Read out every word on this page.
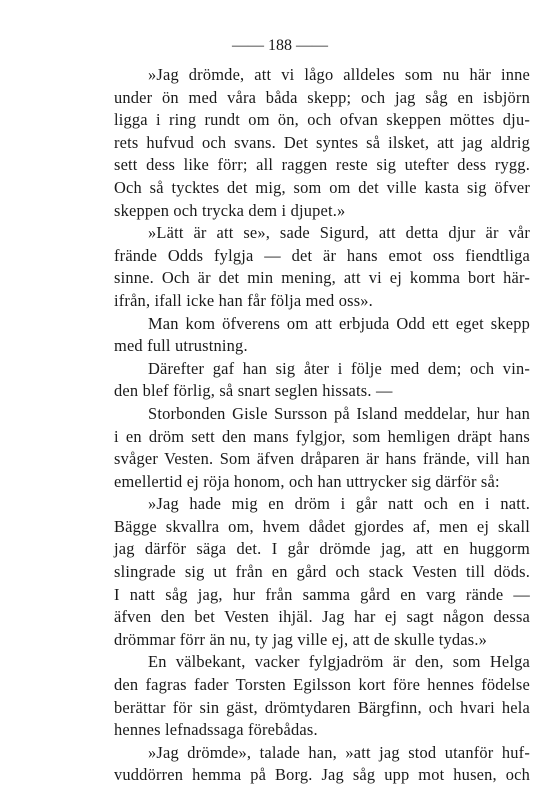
—— 188 ——
»Jag drömde, att vi lågo alldeles som nu här inne
under ön med våra båda skepp; och jag såg en isbjörn
ligga i ring rundt om ön, och ofvan skeppen möttes dju-
rets hufvud och svans. Det syntes så ilsket, att jag aldrig
sett dess like förr; all raggen reste sig utefter dess rygg.
Och så tycktes det mig, som om det ville kasta sig öfver
skeppen och trycka dem i djupet.»
»Lätt är att se», sade Sigurd, att detta djur är vår
frände Odds fylgja — det är hans emot oss fiendtliga
sinne. Och är det min mening, att vi ej komma bort här-
ifrån, ifall icke han får följa med oss».
Man kom öfverens om att erbjuda Odd ett eget skepp
med full utrustning.
Därefter gaf han sig åter i följe med dem; och vin-
den blef förlig, så snart seglen hissats. —
Storbonden Gisle Sursson på Island meddelar, hur han
i en dröm sett den mans fylgjor, som hemligen dräpt hans
svåger Vesten. Som äfven dråparen är hans frände, vill han
emellertid ej röja honom, och han uttrycker sig därför så:
»Jag hade mig en dröm i går natt och en i natt.
Bägge skvallra om, hvem dådet gjordes af, men ej skall
jag därför säga det. I går drömde jag, att en huggorm
slingrade sig ut från en gård och stack Vesten till döds.
I natt såg jag, hur från samma gård en varg rände —
äfven den bet Vesten ihjäl. Jag har ej sagt någon dessa
drömmar förr än nu, ty jag ville ej, att de skulle tydas.»
En välbekant, vacker fylgjadröm är den, som Helga
den fagras fader Torsten Egilsson kort före hennes födelse
berättar för sin gäst, drömtydaren Bärgfinn, och hvari hela
hennes lefnadssaga förebådas.
»Jag drömde», talade han, »att jag stod utanför huf-
vuddörren hemma på Borg. Jag såg upp mot husen, och
